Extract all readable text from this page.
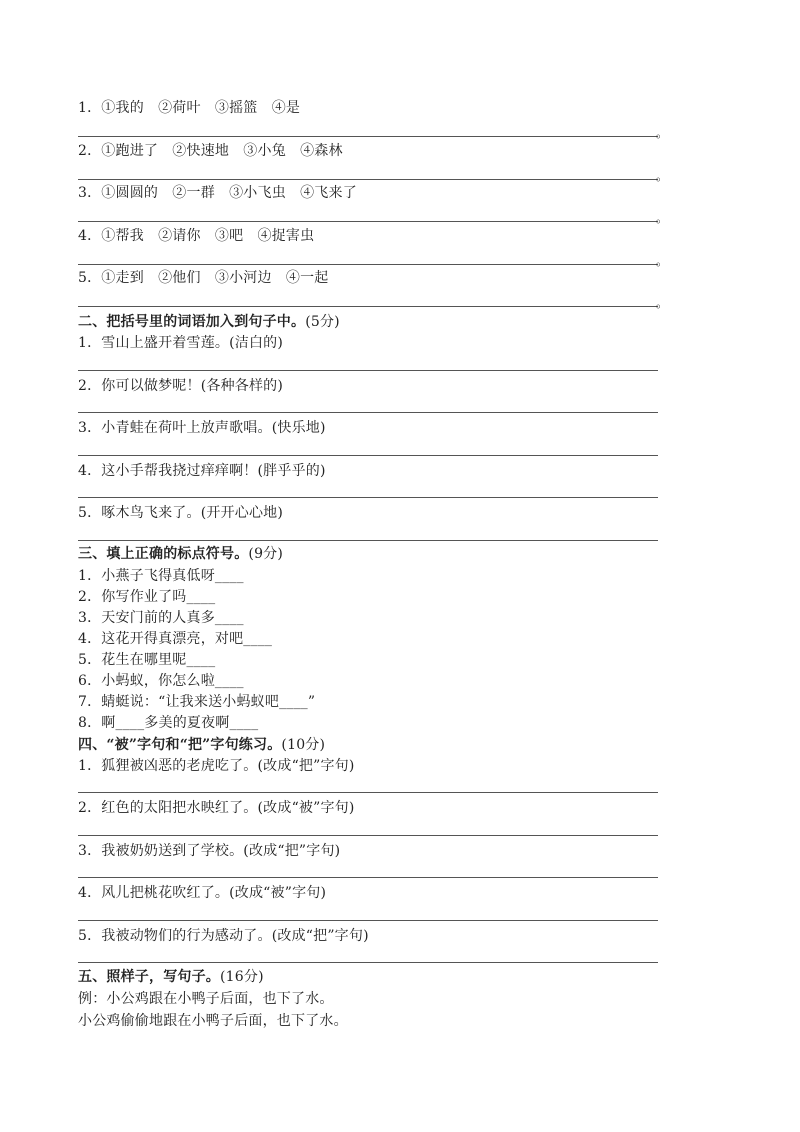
1．①我的　②荷叶　③摇篮　④是
。
2．①跑进了　②快速地　③小兔　④森林
。
3．①圆圆的　②一群　③小飞虫　④飞来了
。
4．①帮我　②请你　③吧　④捉害虫
。
5．①走到　②他们　③小河边　④一起
。
二、把括号里的词语加入到句子中。(5分)
1．雪山上盛开着雪莲。(洁白的)
2．你可以做梦呢！(各种各样的)
3．小青蛙在荷叶上放声歌唱。(快乐地)
4．这小手帮我挠过痒痒啊！(胖乎乎的)
5．啄木鸟飞来了。(开开心心地)
三、填上正确的标点符号。(9分)
1．小燕子飞得真低呀____
2．你写作业了吗____
3．天安门前的人真多____
4．这花开得真漂亮，对吧____
5．花生在哪里呢____
6．小蚂蚁，你怎么啦____
7．蜻蜓说：“让我来送小蚂蚁吧____”
8．啊____多美的夏夜啊____
四、“被”字句和“把”字句练习。(10分)
1．狐狸被凶恶的老虎吃了。(改成“把”字句)
2．红色的太阳把水映红了。(改成“被”字句)
3．我被奶奶送到了学校。(改成“把”字句)
4．风儿把桃花吹红了。(改成“被”字句)
5．我被动物们的行为感动了。(改成“把”字句)
五、照样子，写句子。(16分)
例：小公鸡跟在小鸭子后面，也下了水。
小公鸡偷偷地跟在小鸭子后面，也下了水。
